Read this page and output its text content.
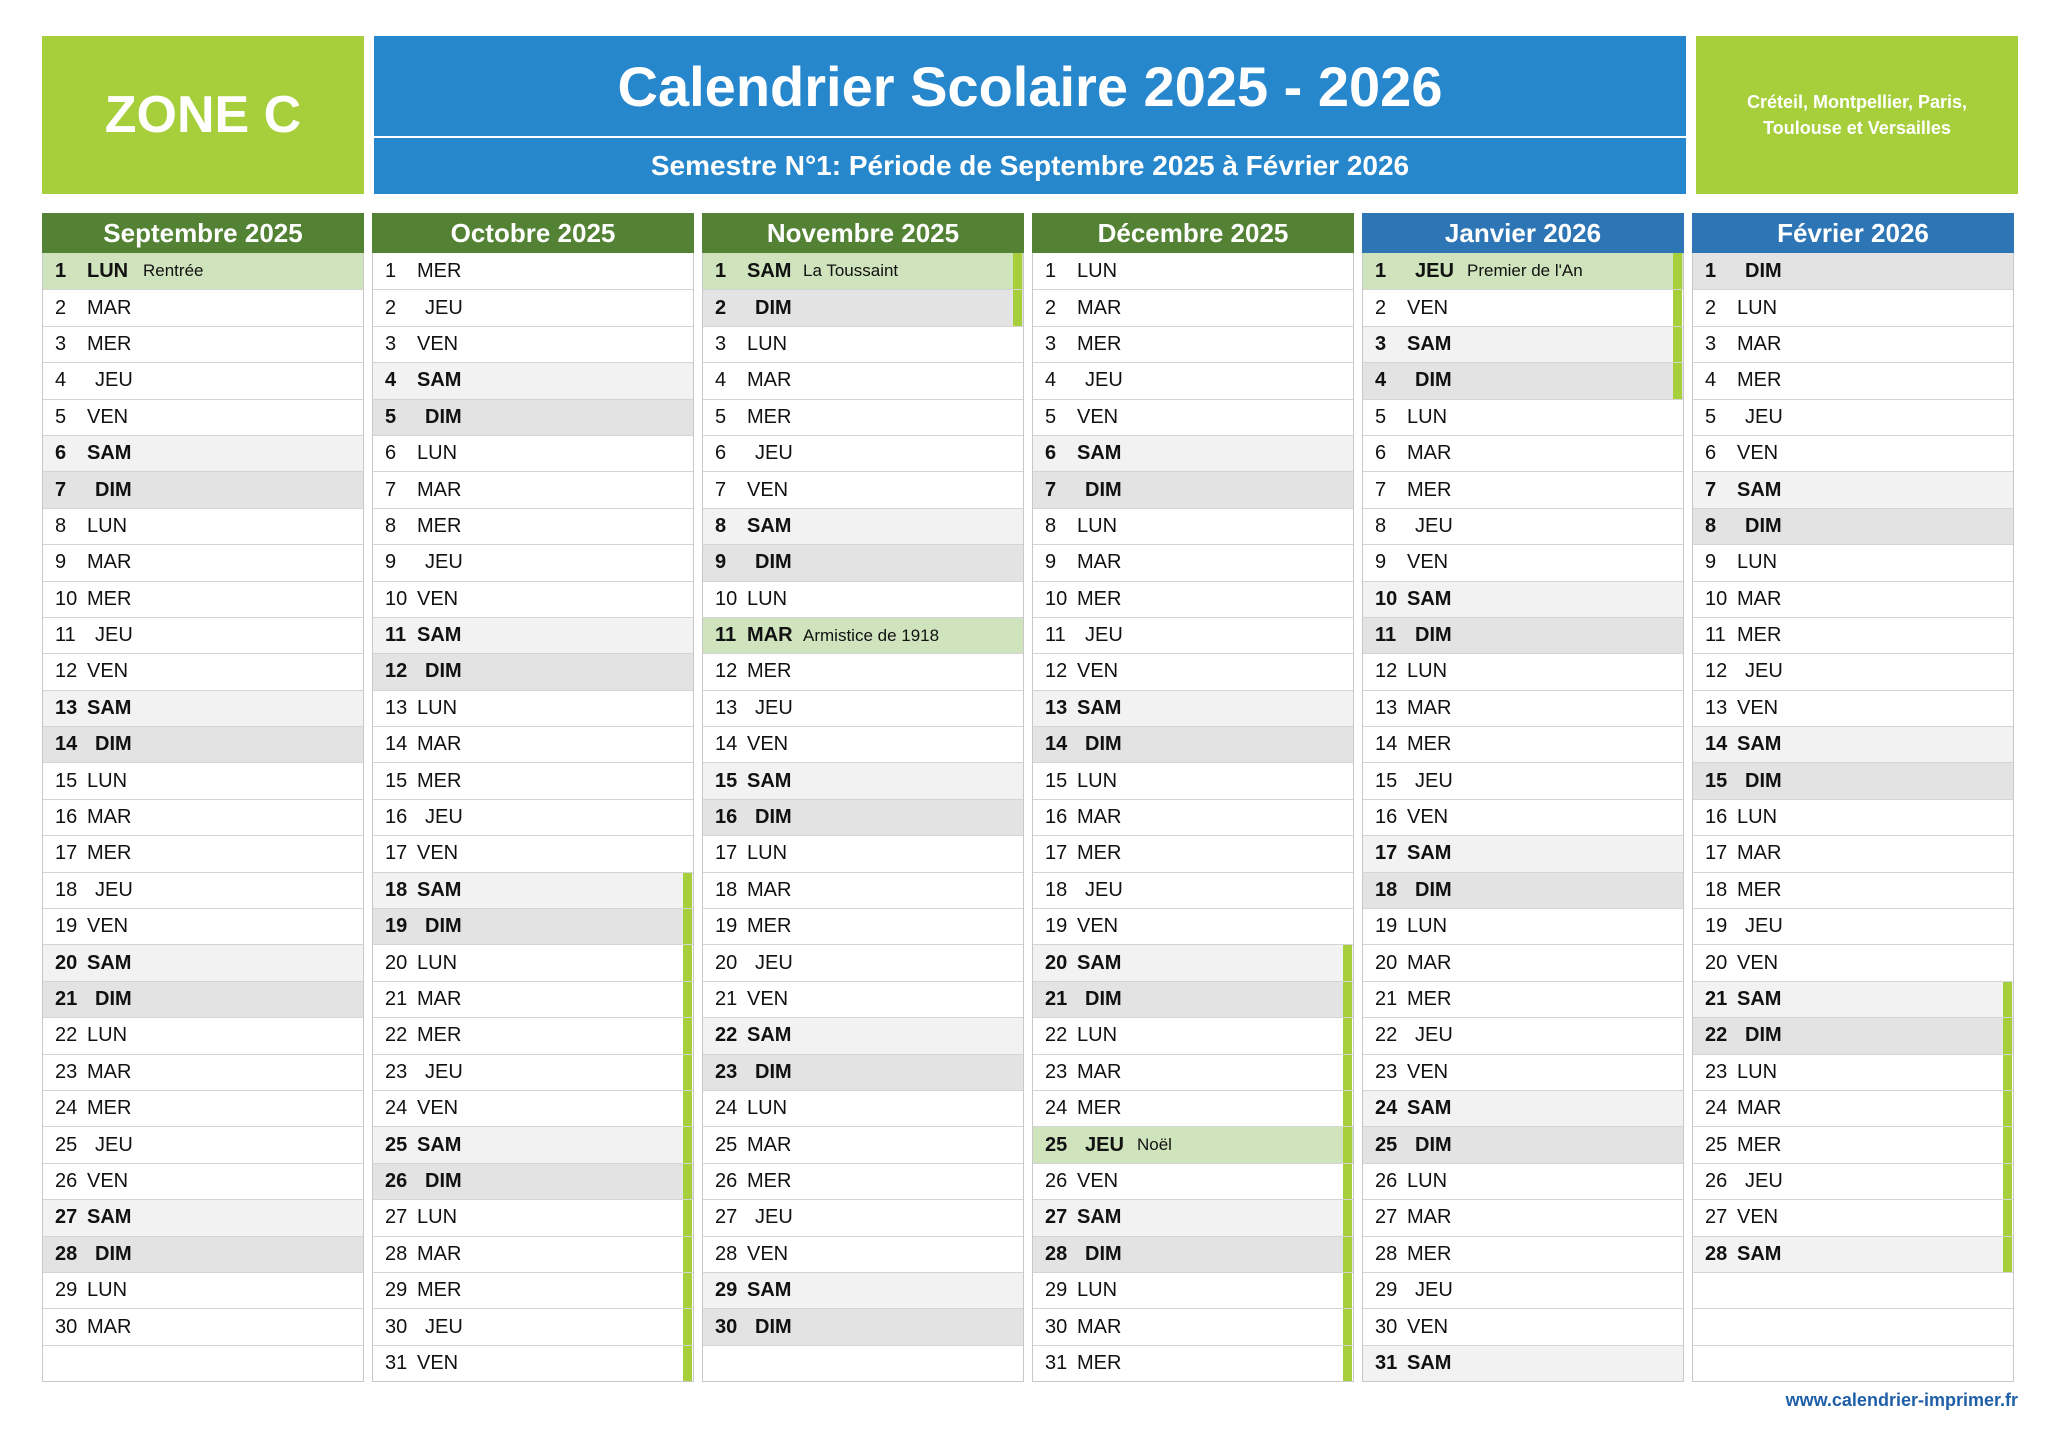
ZONE C	Calendrier Scolaire 2025 - 2026
Semestre N°1: Période de Septembre 2025 à Février 2026
Créteil, Montpellier, Paris, Toulouse et Versailles
Septembre 2025
1	LUN Rentrée
2	MAR
3	MER
4	JEU
5	VEN
6	SAM
7	DIM
8	LUN
9	MAR
10 MER
11 JEU
12 VEN
13 SAM
14 DIM
15 LUN
16 MAR
17 MER
18 JEU
19 VEN
20 SAM
21 DIM
22 LUN
23 MAR
24 MER
25 JEU
26 VEN
27 SAM
28 DIM
29 LUN
30 MAR
Octobre 2025
1	MER
2	JEU
3	VEN
4	SAM
5	DIM
6	LUN
7	MAR
8	MER
9	JEU
10 VEN
11 SAM
12 DIM
13 LUN
14 MAR
15 MER
16 JEU
17 VEN
18 SAM
19 DIM
20 LUN
21 MAR
22 MER
23 JEU
24 VEN
25 SAM
26 DIM
27 LUN
28 MAR
29 MER
30 JEU
31 VEN
Novembre 2025
1	SAM La Toussaint
2	DIM
3	LUN
4	MAR
5	MER
6	JEU
7	VEN
8	SAM
9	DIM
10 LUN
11 MAR Armistice de 1918
12 MER
13 JEU
14 VEN
15 SAM
16 DIM
17 LUN
18 MAR
19 MER
20 JEU
21 VEN
22 SAM
23 DIM
24 LUN
25 MAR
26 MER
27 JEU
28 VEN
29 SAM
30 DIM
Décembre 2025
1	LUN
2	MAR
3	MER
4	JEU
5	VEN
6	SAM
7	DIM
8	LUN
9	MAR
10 MER
11 JEU
12 VEN
13 SAM
14 DIM
15 LUN
16 MAR
17 MER
18 JEU
19 VEN
20 SAM
21 DIM
22 LUN
23 MAR
24 MER
25 JEU Noël
26 VEN
27 SAM
28 DIM
29 LUN
30 MAR
31 MER
Janvier 2026
1	JEU Premier de l'An
2	VEN
3	SAM
4	DIM
5	LUN
6	MAR
7	MER
8	JEU
9	VEN
10 SAM
11 DIM
12 LUN
13 MAR
14 MER
15 JEU
16 VEN
17 SAM
18 DIM
19 LUN
20 MAR
21 MER
22 JEU
23 VEN
24 SAM
25 DIM
26 LUN
27 MAR
28 MER
29 JEU
30 VEN
31 SAM
Février 2026
1	DIM
2	LUN
3	MAR
4	MER
5	JEU
6	VEN
7	SAM
8	DIM
9	LUN
10 MAR
11 MER
12 JEU
13 VEN
14 SAM
15 DIM
16 LUN
17 MAR
18 MER
19 JEU
20 VEN
21 SAM
22 DIM
23 LUN
24 MAR
25 MER
26 JEU
27 VEN
28 SAM
www.calendrier-imprimer.fr
